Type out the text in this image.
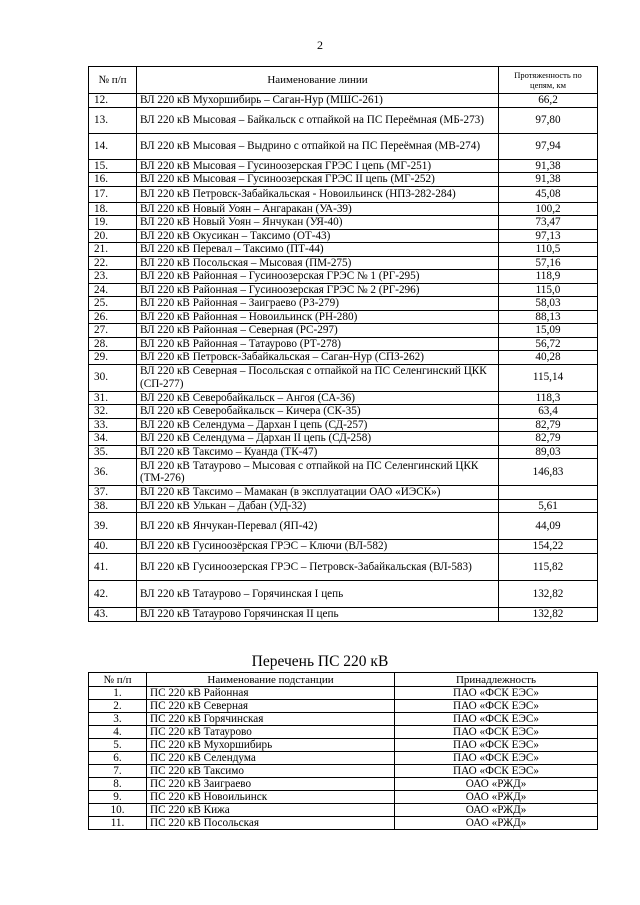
2
№ п/п	Наименование линии	Протяженность по цепям, км
12.	ВЛ 220 кВ Мухоршибирь – Саган-Нур (МШС-261)	66,2
13.	ВЛ 220 кВ Мысовая – Байкальск с отпайкой на ПС Переёмная (МБ-273)	97,80
14.	ВЛ 220 кВ Мысовая – Выдрино с отпайкой на ПС Переёмная (МВ-274)	97,94
15.	ВЛ 220 кВ Мысовая – Гусиноозерская ГРЭС I цепь (МГ-251)	91,38
16.	ВЛ 220 кВ Мысовая – Гусиноозерская ГРЭС II цепь (МГ-252)	91,38
17.	ВЛ 220 кВ Петровск-Забайкальская - Новоильинск (НПЗ-282-284)	45,08
18.	ВЛ 220 кВ Новый Уоян – Ангаракан (УА-39)	100,2
19.	ВЛ 220 кВ Новый Уоян – Янчукан (УЯ-40)	73,47
20.	ВЛ 220 кВ Окусикан – Таксимо (ОТ-43)	97,13
21.	ВЛ 220 кВ Перевал – Таксимо (ПТ-44)	110,5
22.	ВЛ 220 кВ Посольская – Мысовая (ПМ-275)	57,16
23.	ВЛ 220 кВ Районная – Гусиноозерская ГРЭС № 1 (РГ-295)	118,9
24.	ВЛ 220 кВ Районная – Гусиноозерская ГРЭС № 2 (РГ-296)	115,0
25.	ВЛ 220 кВ Районная – Заиграево (РЗ-279)	58,03
26.	ВЛ 220 кВ Районная – Новоильинск (РН-280)	88,13
27.	ВЛ 220 кВ Районная – Северная (РС-297)	15,09
28.	ВЛ 220 кВ Районная – Татаурово (РТ-278)	56,72
29.	ВЛ 220 кВ Петровск-Забайкальская – Саган-Нур (СПЗ-262)	40,28
30.	ВЛ 220 кВ Северная – Посольская с отпайкой на ПС Селенгинский ЦКК (СП-277)	115,14
31.	ВЛ 220 кВ Северобайкальск – Ангоя (СА-36)	118,3
32.	ВЛ 220 кВ Северобайкальск – Кичера (СК-35)	63,4
33.	ВЛ 220 кВ Селендума – Дархан I цепь (СД-257)	82,79
34.	ВЛ 220 кВ Селендума – Дархан II цепь (СД-258)	82,79
35.	ВЛ 220 кВ Таксимо – Куанда (ТК-47)	89,03
36.	ВЛ 220 кВ Татаурово – Мысовая с отпайкой на ПС Селенгинский ЦКК (ТМ-276)	146,83
37.	ВЛ 220 кВ Таксимо – Мамакан (в эксплуатации ОАО «ИЭСК»)	
38.	ВЛ 220 кВ Улькан – Дабан (УД-32)	5,61
39.	ВЛ 220 кВ Янчукан-Перевал (ЯП-42)	44,09
40.	ВЛ 220 кВ Гусиноозёрская ГРЭС – Ключи (ВЛ-582)	154,22
41.	ВЛ 220 кВ Гусиноозерская ГРЭС – Петровск-Забайкальская (ВЛ-583)	115,82
42.	ВЛ 220 кВ Татаурово – Горячинская I цепь	132,82
43.	ВЛ 220 кВ Татаурово Горячинская II цепь	132,82
Перечень ПС 220 кВ
№ п/п	Наименование подстанции	Принадлежность
1.	ПС 220 кВ Районная	ПАО «ФСК ЕЭС»
2.	ПС 220 кВ Северная	ПАО «ФСК ЕЭС»
3.	ПС 220 кВ Горячинская	ПАО «ФСК ЕЭС»
4.	ПС 220 кВ Татаурово	ПАО «ФСК ЕЭС»
5.	ПС 220 кВ Мухоршибирь	ПАО «ФСК ЕЭС»
6.	ПС 220 кВ Селендума	ПАО «ФСК ЕЭС»
7.	ПС 220 кВ Таксимо	ПАО «ФСК ЕЭС»
8.	ПС 220 кВ Заиграево	ОАО «РЖД»
9.	ПС 220 кВ Новоильинск	ОАО «РЖД»
10.	ПС 220 кВ Кижа	ОАО «РЖД»
11.	ПС 220 кВ Посольская	ОАО «РЖД»
